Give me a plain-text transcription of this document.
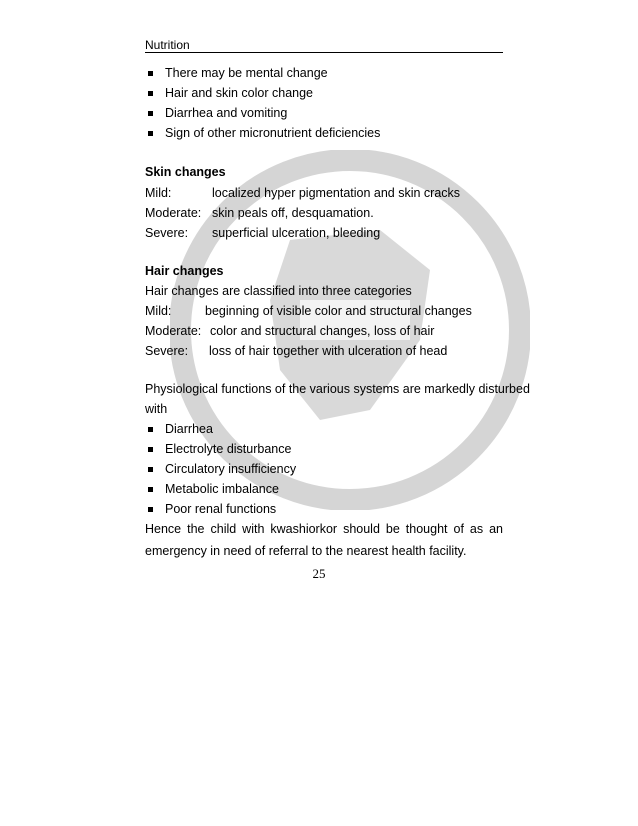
Nutrition
There may be mental change
Hair and skin color change
Diarrhea and vomiting
Sign of other micronutrient deficiencies
Skin changes
Mild:	localized hyper pigmentation and skin cracks
Moderate: skin peals off, desquamation.
Severe: superficial ulceration, bleeding
Hair changes
Hair changes are classified into three categories
Mild:	beginning of visible color and structural changes
Moderate: color and structural changes, loss of hair
Severe: loss of hair together with ulceration of head
Physiological functions of the various systems are markedly disturbed
with
Diarrhea
Electrolyte disturbance
Circulatory insufficiency
Metabolic imbalance
Poor renal functions
Hence the child with kwashiorkor should be thought of as an
emergency in need of referral to the nearest health facility.
25
